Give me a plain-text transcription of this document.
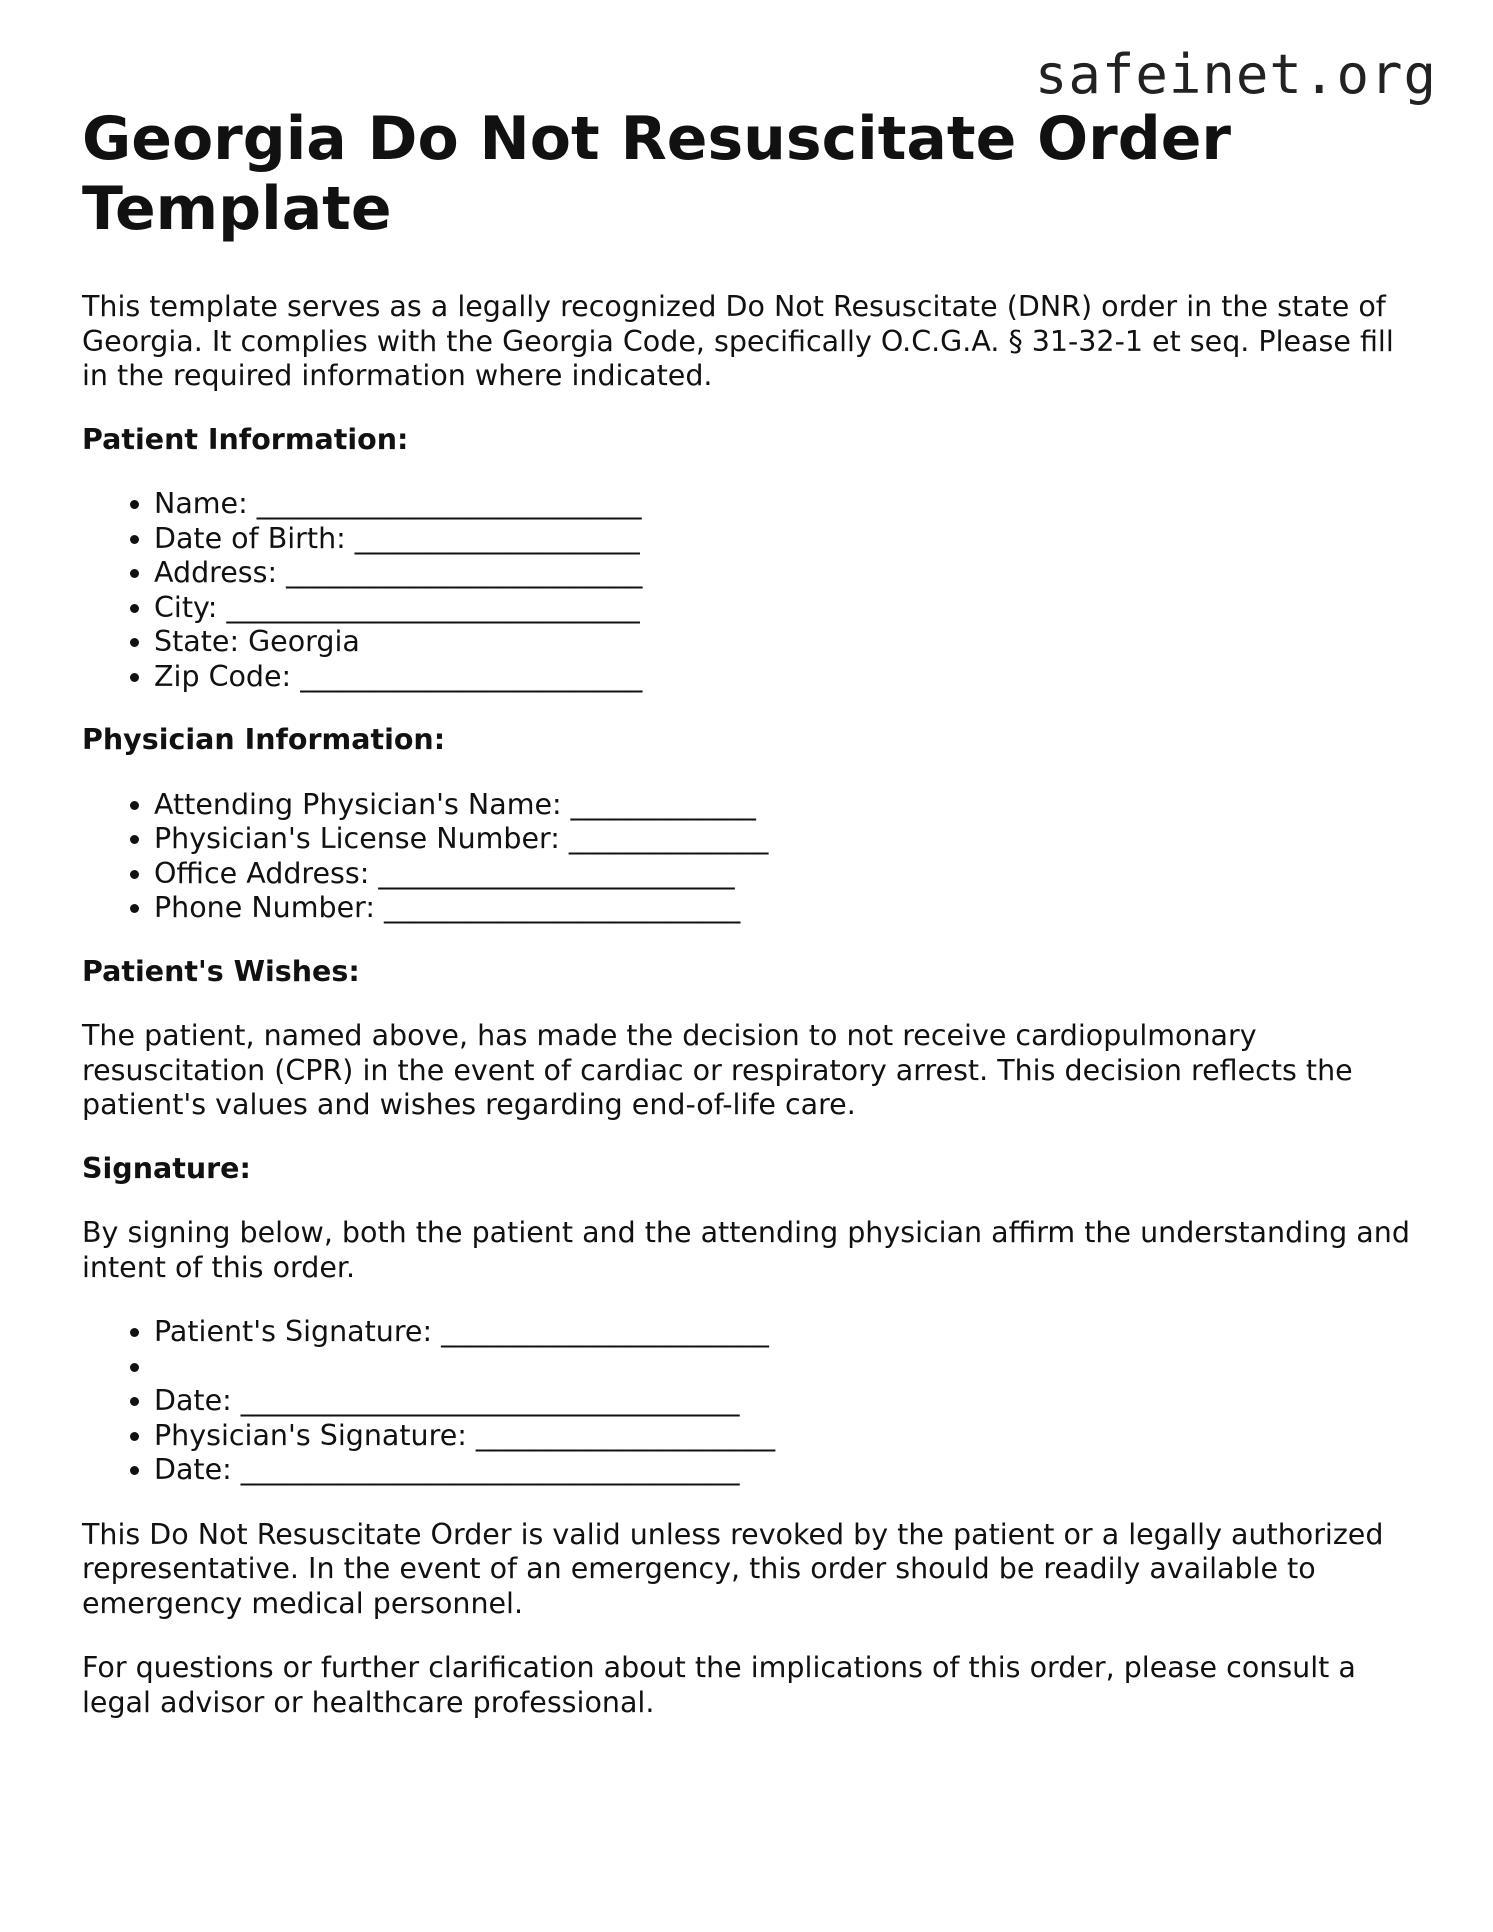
safeinet.org
Georgia Do Not Resuscitate Order Template

This template serves as a legally recognized Do Not Resuscitate (DNR) order in the state of Georgia. It complies with the Georgia Code, specifically O.C.G.A. § 31-32-1 et seq. Please fill in the required information where indicated.

Patient Information:
• Name: ___________________________
• Date of Birth: ____________________
• Address: _________________________
• City: _____________________________
• State: Georgia
• Zip Code: ________________________
Physician Information:
• Attending Physician's Name: _____________
• Physician's License Number: ______________
• Office Address: _________________________
• Phone Number: _________________________
Patient's Wishes:

The patient, named above, has made the decision to not receive cardiopulmonary resuscitation (CPR) in the event of cardiac or respiratory arrest. This decision reflects the patient's values and wishes regarding end-of-life care.

Signature:

By signing below, both the patient and the attending physician affirm the understanding and intent of this order.

• Patient's Signature: _______________________
•
• Date: ___________________________________
• Physician's Signature: _____________________
• Date: ___________________________________

This Do Not Resuscitate Order is valid unless revoked by the patient or a legally authorized representative. In the event of an emergency, this order should be readily available to emergency medical personnel.

For questions or further clarification about the implications of this order, please consult a legal advisor or healthcare professional.
